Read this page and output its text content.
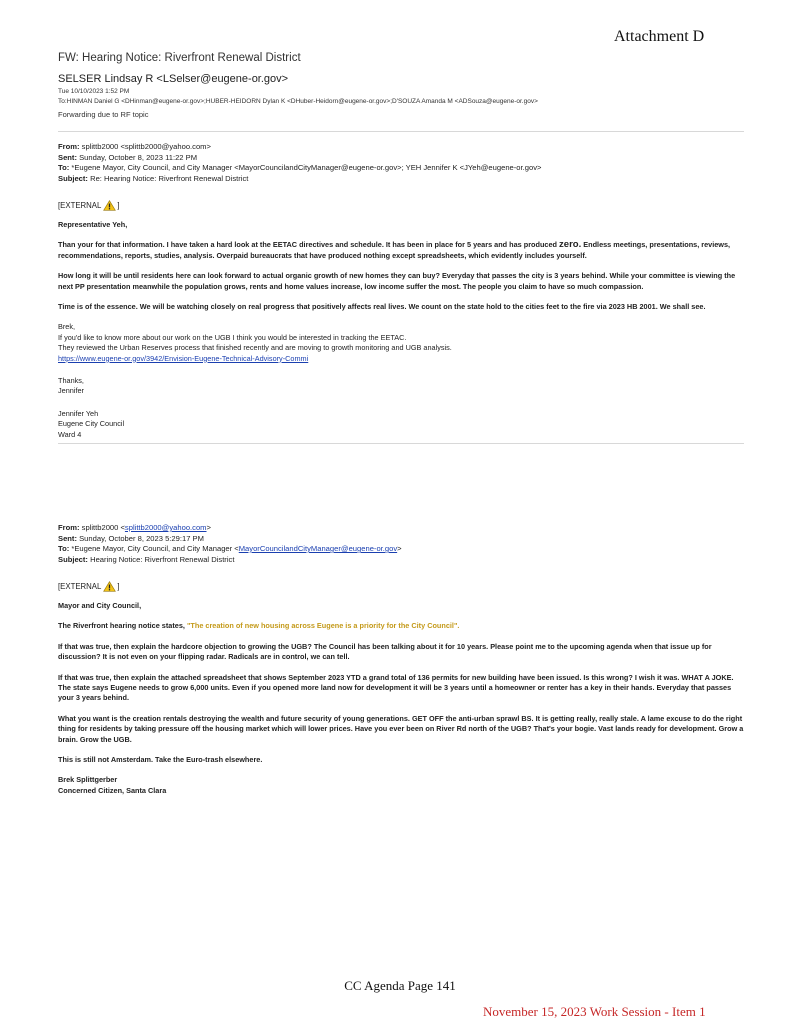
Attachment D
FW: Hearing Notice: Riverfront Renewal District
SELSER Lindsay R <LSelser@eugene-or.gov>
Tue 10/10/2023 1:52 PM
To:HINMAN Daniel G <DHinman@eugene-or.gov>;HUBER-HEIDORN Dylan K <DHuber-Heidorn@eugene-or.gov>;D'SOUZA Amanda M <ADSouza@eugene-or.gov>
Forwarding due to RF topic
From: splittb2000 <splittb2000@yahoo.com>
Sent: Sunday, October 8, 2023 11:22 PM
To: *Eugene Mayor, City Council, and City Manager <MayorCouncilandCityManager@eugene-or.gov>; YEH Jennifer K <JYeh@eugene-or.gov>
Subject: Re: Hearing Notice: Riverfront Renewal District
[EXTERNAL ]

Representative Yeh,

Than your for that information. I have taken a hard look at the EETAC directives and schedule. It has been in place for 5 years and has produced zero. Endless meetings, presentations, reviews, recommendations, reports, studies, analysis. Overpaid bureaucrats that have produced nothing except spreadsheets, which evidently includes yourself.

How long it will be until residents here can look forward to actual organic growth of new homes they can buy? Everyday that passes the city is 3 years behind. While your committee is viewing the next PP presentation meanwhile the population grows, rents and home values increase, low income suffer the most. The people you claim to have so much compassion.

Time is of the essence. We will be watching closely on real progress that positively affects real lives. We count on the state hold to the cities feet to the fire via 2023 HB 2001. We shall see.

Brek,
If you'd like to know more about our work on the UGB I think you would be interested in tracking the EETAC.
They reviewed the Urban Reserves process that finished recently and are moving to growth monitoring and UGB analysis.
https://www.eugene-or.gov/3942/Envision-Eugene-Technical-Advisory-Commi
Thanks,
Jennifer
Jennifer Yeh
Eugene City Council
Ward 4
From: splittb2000 <splittb2000@yahoo.com>
Sent: Sunday, October 8, 2023 5:29:17 PM
To: *Eugene Mayor, City Council, and City Manager <MayorCouncilandCityManager@eugene-or.gov>
Subject: Hearing Notice: Riverfront Renewal District
[EXTERNAL ]

Mayor and City Council,

The Riverfront hearing notice states, "The creation of new housing across Eugene is a priority for the City Council".

If that was true, then explain the hardcore objection to growing the UGB? The Council has been talking about it for 10 years. Please point me to the upcoming agenda when that issue up for discussion? It is not even on your flipping radar. Radicals are in control, we can tell.

If that was true, then explain the attached spreadsheet that shows September 2023 YTD a grand total of 136 permits for new building have been issued. Is this wrong? I wish it was. WHAT A JOKE. The state says Eugene needs to grow 6,000 units. Even if you opened more land now for development it will be 3 years until a homeowner or renter has a key in their hands. Everyday that passes your 3 years behind.

What you want is the creation rentals destroying the wealth and future security of young generations. GET OFF the anti-urban sprawl BS. It is getting really, really stale. A lame excuse to do the right thing for residents by taking pressure off the housing market which will lower prices. Have you ever been on River Rd north of the UGB? That's your bogie. Vast lands ready for development. Grow a brain. Grow the UGB.

This is still not Amsterdam. Take the Euro-trash elsewhere.

Brek Splittgerber
Concerned Citizen, Santa Clara
CC Agenda Page 141
November 15, 2023 Work Session - Item 1
